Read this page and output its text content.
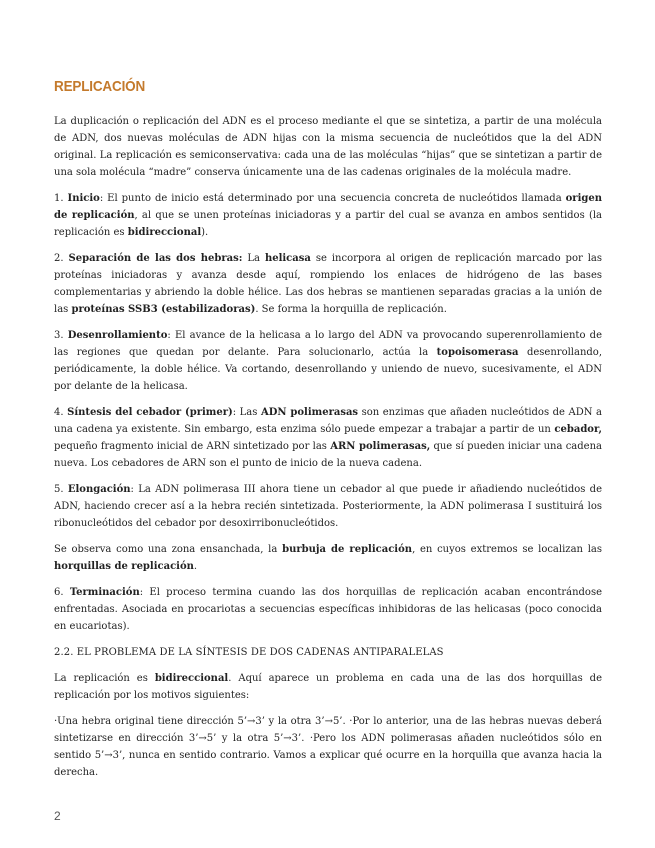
REPLICACIÓN

La duplicación o replicación del ADN es el proceso mediante el que se sintetiza, a partir de una molécula de ADN, dos nuevas moléculas de ADN hijas con la misma secuencia de nucleótidos que la del ADN original. La replicación es semiconservativa: cada una de las moléculas “hijas” que se sintetizan a partir de una sola molécula “madre” conserva únicamente una de las cadenas originales de la molécula madre.

1. Inicio: El punto de inicio está determinado por una secuencia concreta de nucleótidos llamada origen de replicación, al que se unen proteínas iniciadoras y a partir del cual se avanza en ambos sentidos (la replicación es bidireccional).

2. Separación de las dos hebras: La helicasa se incorpora al origen de replicación marcado por las proteínas iniciadoras y avanza desde aquí, rompiendo los enlaces de hidrógeno de las bases complementarias y abriendo la doble hélice. Las dos hebras se mantienen separadas gracias a la unión de las proteínas SSB3 (estabilizadoras). Se forma la horquilla de replicación.

3. Desenrollamiento: El avance de la helicasa a lo largo del ADN va provocando superenrollamiento de las regiones que quedan por delante. Para solucionarlo, actúa la topoisomerasa desenrollando, periódicamente, la doble hélice. Va cortando, desenrollando y uniendo de nuevo, sucesivamente, el ADN por delante de la helicasa.

4. Síntesis del cebador (primer): Las ADN polimerasas son enzimas que añaden nucleótidos de ADN a una cadena ya existente. Sin embargo, esta enzima sólo puede empezar a trabajar a partir de un cebador, pequeño fragmento inicial de ARN sintetizado por las ARN polimerasas, que sí pueden iniciar una cadena nueva. Los cebadores de ARN son el punto de inicio de la nueva cadena.

5. Elongación: La ADN polimerasa III ahora tiene un cebador al que puede ir añadiendo nucleótidos de ADN, haciendo crecer así a la hebra recién sintetizada. Posteriormente, la ADN polimerasa I sustituirá los ribonucleótidos del cebador por desoxirribonucleótidos.

Se observa como una zona ensanchada, la burbuja de replicación, en cuyos extremos se localizan las horquillas de replicación.

6. Terminación: El proceso termina cuando las dos horquillas de replicación acaban encontrándose enfrentadas. Asociada en procariotas a secuencias específicas inhibidoras de las helicasas (poco conocida en eucariotas).

2.2. EL PROBLEMA DE LA SÍNTESIS DE DOS CADENAS ANTIPARALELAS

La replicación es bidireccional. Aquí aparece un problema en cada una de las dos horquillas de replicación por los motivos siguientes:

·Una hebra original tiene dirección 5’→3’ y la otra 3’→5’. ·Por lo anterior, una de las hebras nuevas deberá sintetizarse en dirección 3’→5’ y la otra 5’→3’. ·Pero los ADN polimerasas añaden nucleótidos sólo en sentido 5’→3’, nunca en sentido contrario. Vamos a explicar qué ocurre en la horquilla que avanza hacia la derecha.

2
